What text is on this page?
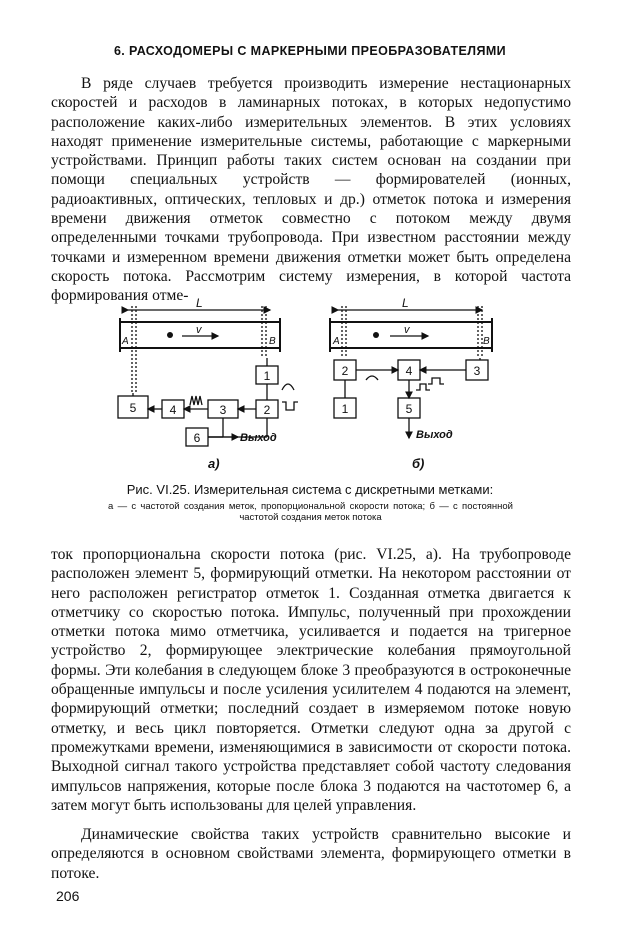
6. РАСХОДОМЕРЫ С МАРКЕРНЫМИ ПРЕОБРАЗОВАТЕЛЯМИ

В ряде случаев требуется производить измерение нестационарных скоростей и расходов в ламинарных потоках, в которых недопустимо расположение каких-либо измерительных элементов. В этих условиях находят применение измерительные системы, работающие с маркерными устройствами. Принцип работы таких систем основан на создании при помощи специальных устройств — формирователей (ионных, радиоактивных, оптических, тепловых и др.) отметок потока и измерения времени движения отметок совместно с потоком между двумя определенными точками трубопровода. При известном расстоянии между точками и измеренном времени движения отметки может быть определена скорость потока. Рассмотрим систему измерения, в которой частота формирования отме- L	L
A	B	A	B
v	v
Выход	Выход
а)	б)
1
2
3
4
5
6
1
2	3
4
5
Рис. VI.25. Измерительная система с дискретными метками:
а — с частотой создания меток, пропорциональной скорости потока; б — с постоянной частотой создания меток потока

ток пропорциональна скорости потока (рис. VI.25, а). На трубопроводе расположен элемент 5, формирующий отметки. На некотором расстоянии от него расположен регистратор отметок 1. Созданная отметка двигается к отметчику со скоростью потока. Импульс, полученный при прохождении отметки потока мимо отметчика, усиливается и подается на тригерное устройство 2, формирующее электрические колебания прямоугольной формы. Эти колебания в следующем блоке 3 преобразуются в остроконечные обращенные импульсы и после усиления усилителем 4 подаются на элемент, формирующий отметки; последний создает в измеряемом потоке новую отметку, и весь цикл повторяется. Отметки следуют одна за другой с промежутками времени, изменяющимися в зависимости от скорости потока. Выходной сигнал такого устройства представляет собой частоту следования импульсов напряжения, которые после блока 3 подаются на частотомер 6, а затем могут быть использованы для целей управления.

Динамические свойства таких устройств сравнительно высокие и определяются в основном свойствами элемента, формирующего отметки в потоке.

206
